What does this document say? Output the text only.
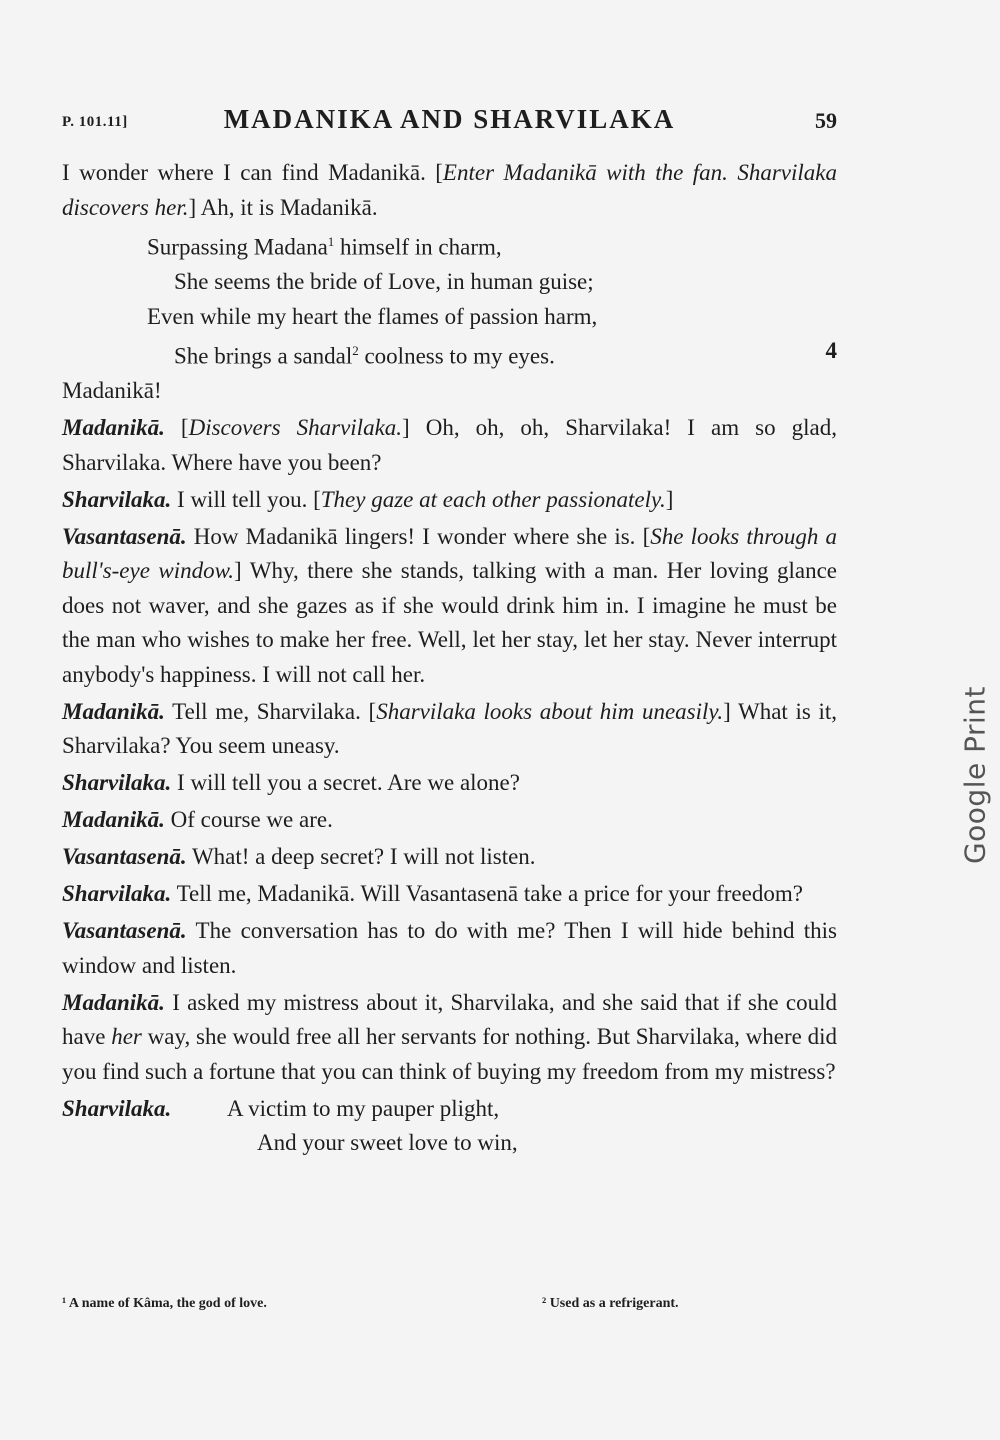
P. 101.11]	MADANIKA AND SHARVILAKA	59

I wonder where I can find Madanikā. [Enter Madanikā with the fan. Sharvilaka discovers her.] Ah, it is Madanikā.

Surpassing Madana$^1$ himself in charm,
She seems the bride of Love, in human guise;
Even while my heart the flames of passion harm,
She brings a sandal$^2$ coolness to my eyes.	4

Madanikā!

Madanikā. [Discovers Sharvilaka.] Oh, oh, oh, Sharvilaka! I am so glad, Sharvilaka. Where have you been?

Sharvilaka. I will tell you. [They gaze at each other passionately.]

Vasantasenā. How Madanikā lingers! I wonder where she is. [She looks through a bull's-eye window.] Why, there she stands, talking with a man. Her loving glance does not waver, and she gazes as if she would drink him in. I imagine he must be the man who wishes to make her free. Well, let her stay, let her stay. Never interrupt anybody's happiness. I will not call her.

Madanikā. Tell me, Sharvilaka. [Sharvilaka looks about him uneasily.] What is it, Sharvilaka? You seem uneasy.

Sharvilaka. I will tell you a secret. Are we alone?

Madanikā. Of course we are.

Vasantasenā. What! a deep secret? I will not listen.

Sharvilaka. Tell me, Madanikā. Will Vasantasenā take a price for your freedom?

Vasantasenā. The conversation has to do with me? Then I will hide behind this window and listen.

Madanikā. I asked my mistress about it, Sharvilaka, and she said that if she could have her way, she would free all her servants for nothing. But Sharvilaka, where did you find such a fortune that you can think of buying my freedom from my mistress?

Sharvilaka.	A victim to my pauper plight,
And your sweet love to win,
¹ A name of Kâma, the god of love.	² Used as a refrigerant.
Google Print
